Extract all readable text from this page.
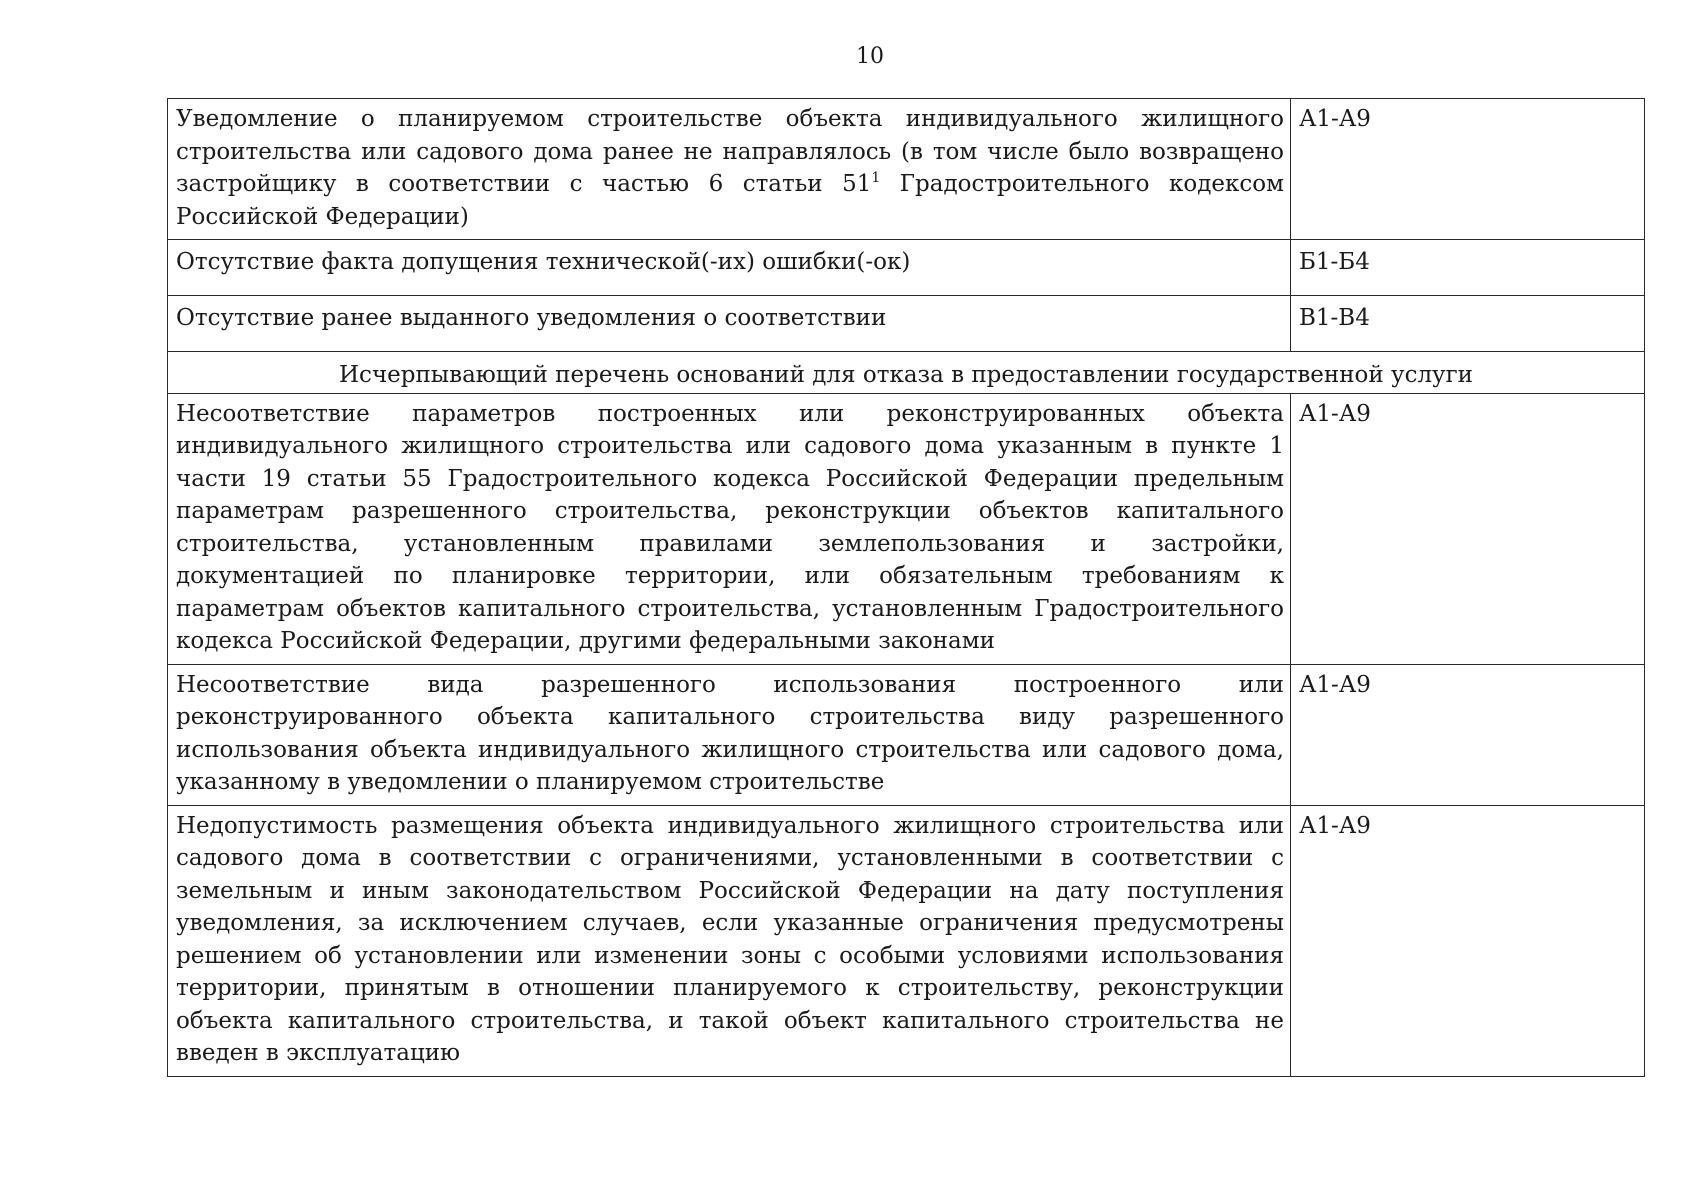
10
Уведомление о планируемом строительстве объекта индивидуального жилищного строительства или садового дома ранее не направлялось (в том числе было возвращено застройщику в соответствии с частью 6 статьи $51^1$ Градостроительного кодексом Российской Федерации)	А1-А9
Отсутствие факта допущения технической(-их) ошибки(-ок)	Б1-Б4
Отсутствие ранее выданного уведомления о соответствии	В1-В4
Исчерпывающий перечень оснований для отказа в предоставлении государственной услуги	
Несоответствие параметров построенных или реконструированных объекта индивидуального жилищного строительства или садового дома указанным в пункте 1 части 19 статьи 55 Градостроительного кодекса Российской Федерации предельным параметрам разрешенного строительства, реконструкции объектов капитального строительства, установленным правилами землепользования и застройки, документацией по планировке территории, или обязательным требованиям к параметрам объектов капитального строительства, установленным Градостроительного кодекса Российской Федерации, другими федеральными законами	А1-А9
Несоответствие вида разрешенного использования построенного или реконструированного объекта капитального строительства виду разрешенного использования объекта индивидуального жилищного строительства или садового дома, указанному в уведомлении о планируемом строительстве	А1-А9
Недопустимость размещения объекта индивидуального жилищного строительства или садового дома в соответствии с ограничениями, установленными в соответствии с земельным и иным законодательством Российской Федерации на дату поступления уведомления, за исключением случаев, если указанные ограничения предусмотрены решением об установлении или изменении зоны с особыми условиями использования территории, принятым в отношении планируемого к строительству, реконструкции объекта капитального строительства, и такой объект капитального строительства не введен в эксплуатацию	А1-А9
